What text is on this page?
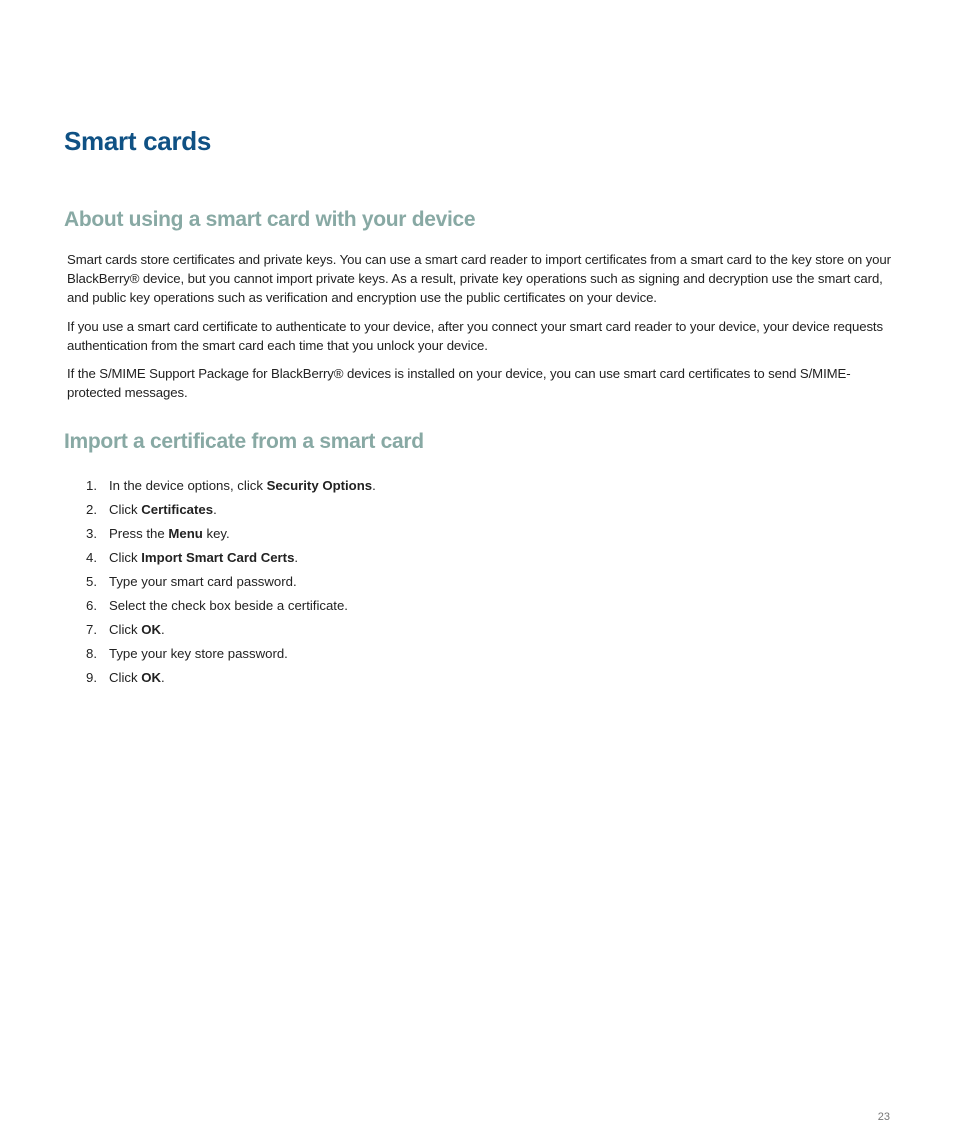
Smart cards
About using a smart card with your device

Smart cards store certificates and private keys. You can use a smart card reader to import certificates from a smart card to the key store on your BlackBerry® device, but you cannot import private keys. As a result, private key operations such as signing and decryption use the smart card, and public key operations such as verification and encryption use the public certificates on your device.

If you use a smart card certificate to authenticate to your device, after you connect your smart card reader to your device, your device requests authentication from the smart card each time that you unlock your device.

If the S/MIME Support Package for BlackBerry® devices is installed on your device, you can use smart card certificates to send S/MIME-protected messages.

Import a certificate from a smart card
1. In the device options, click Security Options.
2. Click Certificates.
3. Press the Menu key.
4. Click Import Smart Card Certs.
5. Type your smart card password.
6. Select the check box beside a certificate.
7. Click OK.
8. Type your key store password.
9. Click OK.
23
